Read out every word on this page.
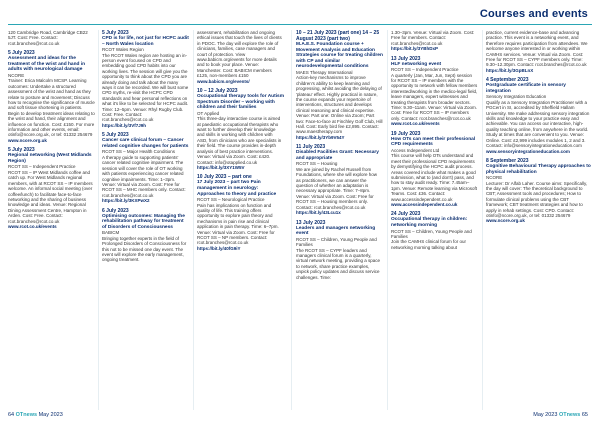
Courses and events
120 Cambridge Road, Cambridge CB22 5JT. Cost: Free. Contact: rcot.branches@rcot.co.uk
5 July 2023
Assessment and ideas for the treatment of the wrist and hand in adults with neurological damage
NCORE
Trainer: Erica Malcolm MCSP. Learning outcomes: Undertake a structured assessment of the wrist and hand as they relate to posture and movement; Discuss how to recognise the significance of muscle and soft tissue shortening in patients. Begin to develop treatment ideas relating to the wrist and hand, their alignment and influence on function. Cost: £150. For more information and other events, email: otinfo@ncore.org.uk, or tel: 01332 254679
www.ncore.org.uk
5 July 2023
Regional networking (West Midlands Region)
RCOT SS – Independent Practice
RCOT SS – IP West Midlands coffee and catch up. For West Midlands regional members, with at RCOT SS – IP members welcome. An informal social meeting (over coffee/lunch) to facilitate face-to-face networking and the sharing of business knowledge and ideas. Venue: Regional Dining Assessment Centre, Hampton in Arden. Cost: Free. Contact: rcot.branches@rcot.co.uk
www.rcot.co.uk/events
5 July 2023
CPD is for life, not just for HCPC audit – North Wales location
RCOT Wales Region
The RCOT Wales region are hosting an in-person event focused on CPD and embedding good CPD habits into our working lives. The session will give you the opportunity to think about the CPD you are already doing and talk about the many ways it can be recorded. We will bust some CPD myths, re-visit the HCPC CPD standards and hear personal reflections on what it's like to be selected for HCPC audit. Time: 12–5pm. Venue: Rhyl Rugby Club. Cost: Free. Contact: rcot.branches@rcot.co.uk
https://bit.ly/3Vf7J9h
5 July 2023
Cancer care clinical forum – Cancer related cognitive changes for patients
RCOT SS – Major Health Conditions
A therapy guide to supporting patients' cancer related cognitive impairment. The session will cover the role of OT working with patients experiencing cancer related cognitive impairments. Time: 1–3pm. Venue: Virtual via Zoom. Cost: Free for RCOT SS – MHC members only. Contact: rcot.branches@rcot.co.uk
https://bit.ly/3KXPwX2
6 July 2023
Optimising outcomes: Managing the rehabilitation pathway for treatment of Disorders of Consciousness
BABICM
Bringing together experts in the field of Prolonged Disorders of Consciousness for this not to be missed one day event. The event will explore the early management, ongoing treatment.
assessment, rehabilitation and ongoing ethical issues that touch the lives of clients in PDOC. The day will explore the role of clinicians, families, case managers and court of protection. View www.babicm.org/events for more details and to book your place. Venue: Manchester. Cost: BABICM members £125, non-members £150
www.babicm.org/events/
10 – 12 July 2023
Occupational therapy tools for Autism Spectrum Disorder – working with children and their families
OT Applied
This three-day interactive course is aimed at paediatric occupational therapists who want to further develop their knowledge and skills in working with children with ASD, from clinicians who are specialists in their field. The course provides in-depth analysis of best practice interventions. Venue: Virtual via Zoom. Cost: £420. Contact: info@otapplied.co.uk
https://bit.ly/3XY1W5V
10 July 2023 – part one
17 July 2023 – part two Pain management in neurology: Approaches to theory and practice
RCOT SS – Neurological Practice
Pain has implications on function and quality of life. This training offers opportunity to explore pain theory and mechanisms in pain rise and clinical application in pain therapy. Time: 6–7pm. Venue: Virtual via Zoom. Cost: Free for RCOT SS – NP members. Contact: rcot.branches@rcot.co.uk
https://bit.ly/40fG9iY
10 – 21 July 2023 (part one) 14 – 25 August 2023 (part two)
M.A.E.S. Foundation course + Movement Analysis and Education Strategies course for treating children with CP and similar neurodevelopmental conditions
MAES Therapy International
Action-key mechanisms to improve children's ability to keep learning and progressing, whilst avoiding the delaying of 'plateau' effect. Highly practical in nature, the course expands your repertoire of interventions, structures and develops clinical reasoning and clinical expertise. Venue: Part one: Online via Zoom; Part two: Face-to-face at Finchley Golf Club, Hill Hall. Cost: Early bird fee £2,895. Contact: www.maestherapy.com
https://bit.ly/3Yb9V54Y
11 July 2023
Disabled Facilities Grant: Necessary and appropriate
RCOT SS – Housing
We are joined by Rachel Russell from Foundations, where she will explore how as practitioners, we can answer the question of whether an adaptation is necessary appropriate. Time: 7–8pm. Venue: Virtual via Zoom. Cost: Free for RCOT SS – Housing members only. Contact: rcot.branches@rcot.co.uk
https://bit.ly/43Lcu1x
13 July 2023
Leaders and managers networking event
RCOT SS – Children, Young People and Families
The RCOT SS – CYPF leaders and managers clinical forum is a quarterly, virtual network meeting, providing a space to network, share practice examples, unpick policy updates and discuss service challenges. Time:
1.30–3pm. Venue: Virtual via Zoom. Cost: Free for members. Contact: rcot.branches@rcot.co.uk
https://bit.ly/3YBhDxP
13 July 2023
HLF networking event
RCOT SS – Independent Practice
A quarterly (Jan, Mar, Jun, Sept) session for RCOT SS – IP members with the opportunity to network with fellow members interested/working in the medico-legal field, leave managers, expert witnesses and treating therapists from broader sectors. Time: 9.30–11am. Venue: Virtual via Zoom. Cost: Free for RCOT SS – IP members only. Contact: rcot.branches@rcot.co.uk
www.rcot.co.uk/events
19 July 2023
How OTs can meet their professional CPD requirements
Access Independent Ltd
This course will help OTs understand and meet their professional CPD requirements by demystifying the HCPC audit process. Areas covered include what makes a good submission, what to (and don't) pass, and how to stay audit ready. Time: 7.45am–1pm. Venue: Remote learning via Microsoft Teams. Cost: £36. Contact: www.accessindependent.co.uk
www.accessindependent.co.uk
24 July 2023
Occupational therapy in children: networking morning
RCOT SS – Children, Young People and Families
Join the CAMHS clinical forum for our networking morning talking about
practice, current evidence-base and advancing practice. This event is a networking event, and therefore requires participation from attendees. We welcome anyone interested in or working within CAMHS services. Venue: Virtual via Zoom. Cost: Free for RCOT SS – CYPF members only. Time: 9.30–12.30pm. Contact: rcot.branches@rcot.co.uk
https://bit.ly/3GpBLnX
4 September 2023
Postgraduate certificate in sensory integration
Sensory Integration Education
Qualify as a Sensory Integration Practitioner with a PGCert in SI, accredited by Sheffield Hallam University. We make addressing sensory integration skills and knowledge to your practice easy and achievable. You can access our interactive, high-quality teaching online, from anywhere in the world. Study at times that are convenient to you. Venue: Online. Cost: £2,999 includes modules 1, 2 and 3. Contact: info@sensoryintegrationeducation.com
www.sensoryintegrationeducation.com
8 September 2023
Cognitive Behavioural Therapy approaches to physical rehabilitation
NCORE
Lecturer: Dr Alfab Laher. Course aims: Specifically, the day will cover: The theoretical background to CBT; Assessment tools and procedures; How to formulate clinical problems using the CBT framework; CBT treatment strategies and how to apply in rehab settings. Cost: CPD. Contact: otinfo@ncore.org.uk, or tel: 01332 254679
www.ncore.org.uk
64 OTnews May 2023	May 2023 OTnews 65
